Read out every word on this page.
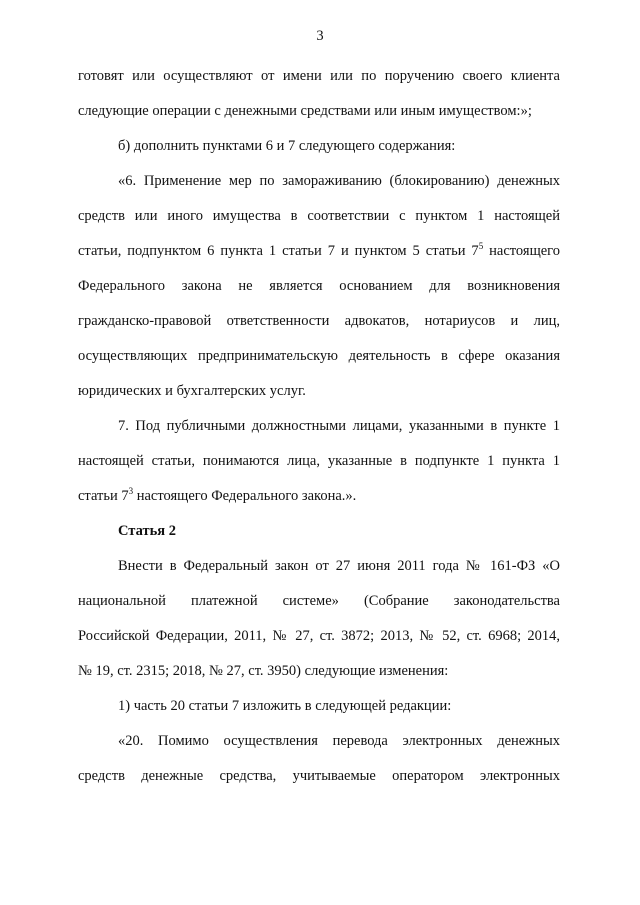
3
готовят или осуществляют от имени или по поручению своего клиента
следующие операции с денежными средствами или иным имуществом:»;
б) дополнить пунктами 6 и 7 следующего содержания:
«6. Применение мер по замораживанию (блокированию) денежных
средств или иного имущества в соответствии с пунктом 1 настоящей
статьи, подпунктом 6 пункта 1 статьи 7 и пунктом 5 статьи $7^5$ настоящего
Федерального закона не является основанием для возникновения
гражданско-правовой ответственности адвокатов, нотариусов и лиц,
осуществляющих предпринимательскую деятельность в сфере оказания
юридических и бухгалтерских услуг.
7. Под публичными должностными лицами, указанными в пункте 1
настоящей статьи, понимаются лица, указанные в подпункте 1 пункта 1
статьи $7^3$ настоящего Федерального закона.».
Статья 2
Внести в Федеральный закон от 27 июня 2011 года № 161-ФЗ «О
национальной платежной системе» (Собрание законодательства
Российской Федерации, 2011, № 27, ст. 3872; 2013, № 52, ст. 6968; 2014,
№ 19, ст. 2315; 2018, № 27, ст. 3950) следующие изменения:
1) часть 20 статьи 7 изложить в следующей редакции:
«20. Помимо осуществления перевода электронных денежных
средств денежные средства, учитываемые оператором электронных
